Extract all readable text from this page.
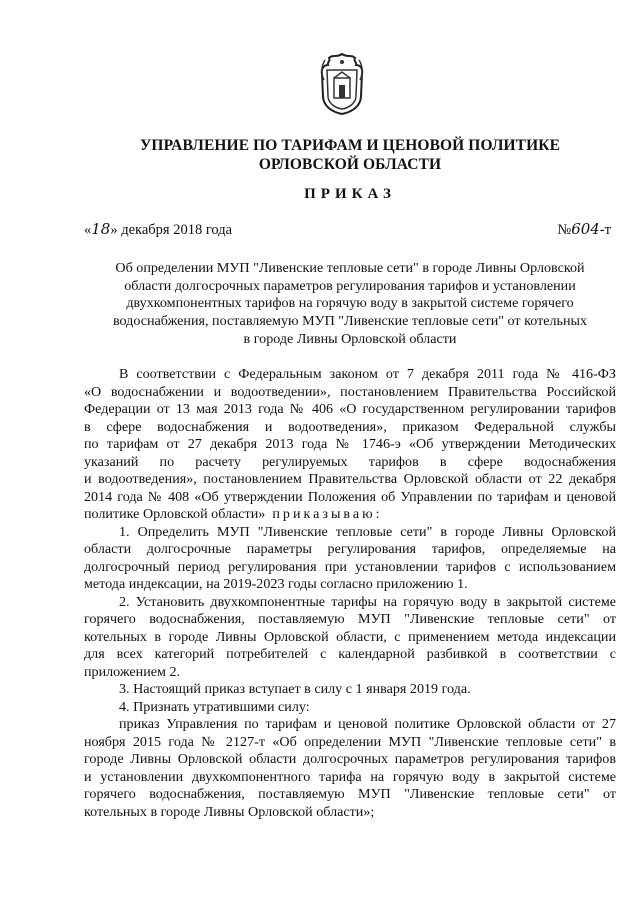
УПРАВЛЕНИЕ ПО ТАРИФАМ И ЦЕНОВОЙ ПОЛИТИКЕ
ОРЛОВСКОЙ ОБЛАСТИ
ПРИКАЗ
«18» декабря 2018 года	№604-т
Об определении МУП "Ливенские тепловые сети" в городе Ливны Орловской
области долгосрочных параметров регулирования тарифов и установлении
двухкомпонентных тарифов на горячую воду в закрытой системе горячего
водоснабжения, поставляемую МУП "Ливенские тепловые сети" от котельных
в городе Ливны Орловской области
В соответствии с Федеральным законом от 7 декабря 2011 года № 416-ФЗ
«О водоснабжении и водоотведении», постановлением Правительства Российской
Федерации от 13 мая 2013 года № 406 «О государственном регулировании тарифов
в сфере водоснабжения и водоотведения», приказом Федеральной службы
по тарифам от 27 декабря 2013 года № 1746-э «Об утверждении Методических
указаний по расчету регулируемых тарифов в сфере водоснабжения
и водоотведения», постановлением Правительства Орловской области от 22 декабря
2014 года № 408 «Об утверждении Положения об Управлении по тарифам и ценовой
политике Орловской области» приказываю:
1. Определить МУП "Ливенские тепловые сети" в городе Ливны Орловской
области долгосрочные параметры регулирования тарифов, определяемые на
долгосрочный период регулирования при установлении тарифов с использованием
метода индексации, на 2019-2023 годы согласно приложению 1.
2. Установить двухкомпонентные тарифы на горячую воду в закрытой системе
горячего водоснабжения, поставляемую МУП "Ливенские тепловые сети" от
котельных в городе Ливны Орловской области, с применением метода индексации
для всех категорий потребителей с календарной разбивкой в соответствии с
приложением 2.
3. Настоящий приказ вступает в силу с 1 января 2019 года.
4. Признать утратившими силу:
приказ Управления по тарифам и ценовой политике Орловской области от 27
ноября 2015 года № 2127-т «Об определении МУП "Ливенские тепловые сети" в
городе Ливны Орловской области долгосрочных параметров регулирования тарифов
и установлении двухкомпонентного тарифа на горячую воду в закрытой системе
горячего водоснабжения, поставляемую МУП "Ливенские тепловые сети" от
котельных в городе Ливны Орловской области»;
